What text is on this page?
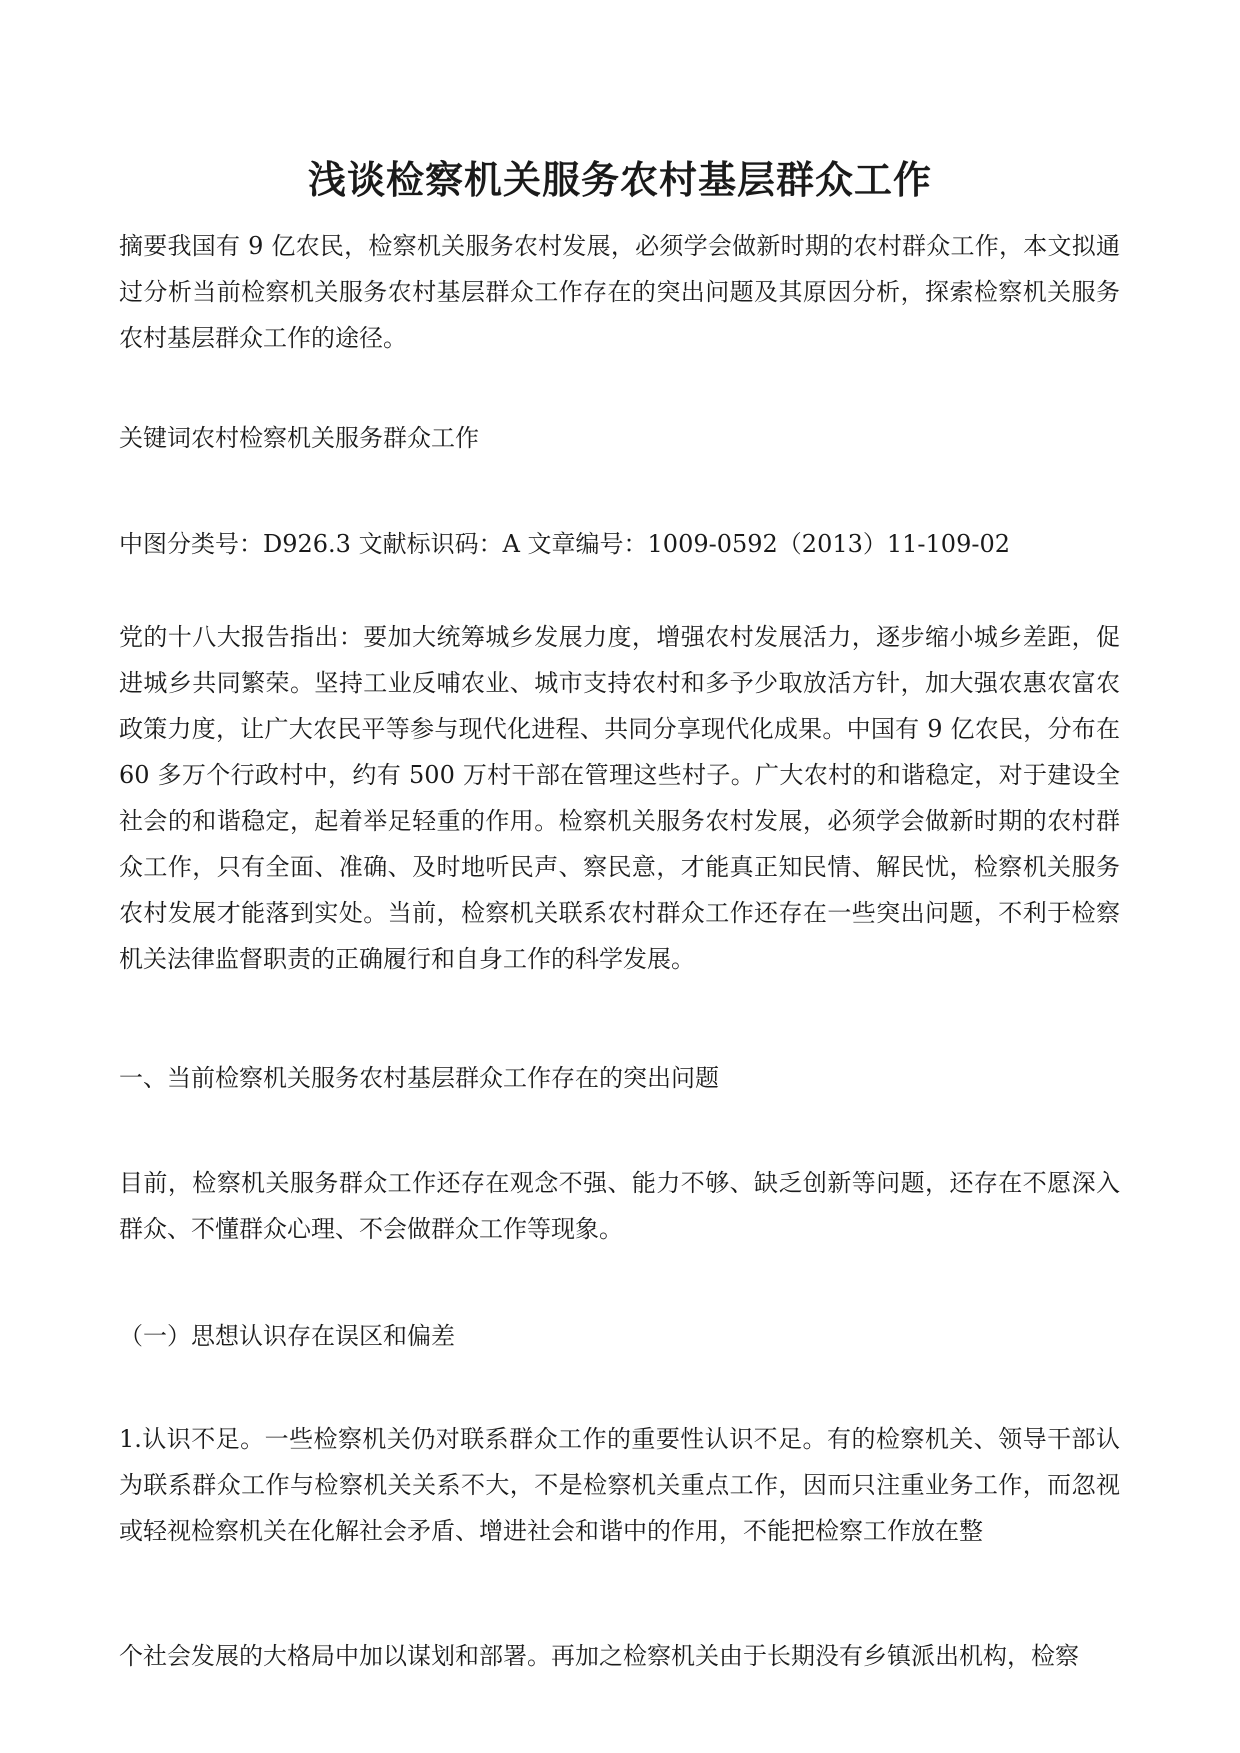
浅谈检察机关服务农村基层群众工作

摘要我国有 9 亿农民，检察机关服务农村发展，必须学会做新时期的农村群众工作，本文拟通过分析当前检察机关服务农村基层群众工作存在的突出问题及其原因分析，探索检察机关服务农村基层群众工作的途径。

关键词农村检察机关服务群众工作

中图分类号：D926.3 文献标识码：A 文章编号：1009-0592（2013）11-109-02

党的十八大报告指出：要加大统筹城乡发展力度，增强农村发展活力，逐步缩小城乡差距，促进城乡共同繁荣。坚持工业反哺农业、城市支持农村和多予少取放活方针，加大强农惠农富农政策力度，让广大农民平等参与现代化进程、共同分享现代化成果。中国有 9 亿农民，分布在 60 多万个行政村中，约有 500 万村干部在管理这些村子。广大农村的和谐稳定，对于建设全社会的和谐稳定，起着举足轻重的作用。检察机关服务农村发展，必须学会做新时期的农村群众工作，只有全面、准确、及时地听民声、察民意，才能真正知民情、解民忧，检察机关服务农村发展才能落到实处。当前，检察机关联系农村群众工作还存在一些突出问题，不利于检察机关法律监督职责的正确履行和自身工作的科学发展。

一、当前检察机关服务农村基层群众工作存在的突出问题

目前，检察机关服务群众工作还存在观念不强、能力不够、缺乏创新等问题，还存在不愿深入群众、不懂群众心理、不会做群众工作等现象。

（一）思想认识存在误区和偏差

1.认识不足。一些检察机关仍对联系群众工作的重要性认识不足。有的检察机关、领导干部认为联系群众工作与检察机关关系不大，不是检察机关重点工作，因而只注重业务工作，而忽视或轻视检察机关在化解社会矛盾、增进社会和谐中的作用，不能把检察工作放在整

个社会发展的大格局中加以谋划和部署。再加之检察机关由于长期没有乡镇派出机构，检察
